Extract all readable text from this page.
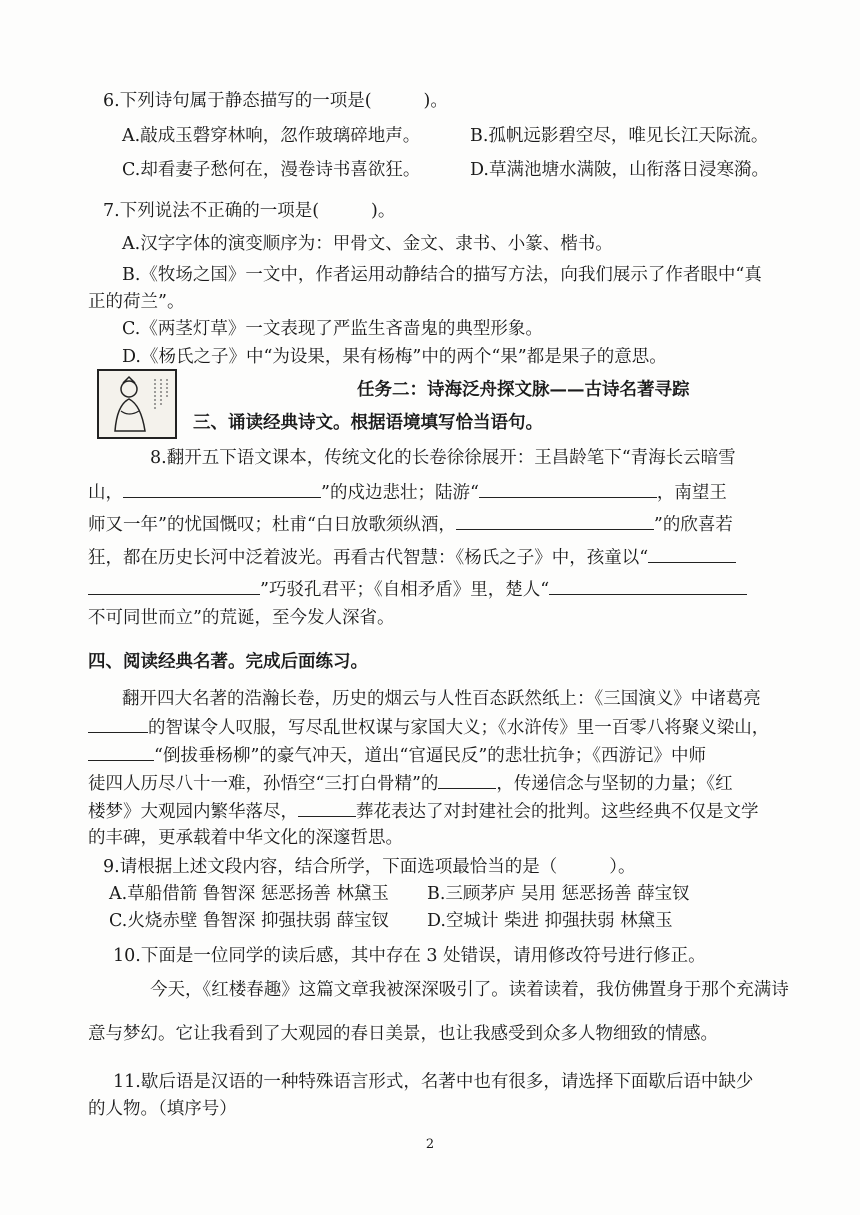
6.下列诗句属于静态描写的一项是(	)。
A.敲成玉磬穿林响，忽作玻璃碎地声。	B.孤帆远影碧空尽，唯见长江天际流。
C.却看妻子愁何在，漫卷诗书喜欲狂。	D.草满池塘水满陂，山衔落日浸寒漪。
7.下列说法不正确的一项是(	)。
A.汉字字体的演变顺序为：甲骨文、金文、隶书、小篆、楷书。
B.《牧场之国》一文中，作者运用动静结合的描写方法，向我们展示了作者眼中“真
正的荷兰”。
C.《两茎灯草》一文表现了严监生吝啬鬼的典型形象。
D.《杨氏之子》中“为设果，果有杨梅”中的两个“果”都是果子的意思。
任务二：诗海泛舟探文脉——古诗名著寻踪
三、诵读经典诗文。根据语境填写恰当语句。
8.翻开五下语文课本，传统文化的长卷徐徐展开：王昌龄笔下“青海长云暗雪
山，	”的戍边悲壮；陆游“	，南望王
师又一年”的忧国慨叹；杜甫“白日放歌须纵酒，	”的欣喜若
狂，都在历史长河中泛着波光。再看古代智慧：《杨氏之子》中，孩童以“
”巧驳孔君平；《自相矛盾》里，楚人“
不可同世而立”的荒诞，至今发人深省。
四、阅读经典名著。完成后面练习。
翻开四大名著的浩瀚长卷，历史的烟云与人性百态跃然纸上：《三国演义》中诸葛亮
的智谋令人叹服，写尽乱世权谋与家国大义；《水浒传》里一百零八将聚义梁山，
“倒拔垂杨柳”的豪气冲天，道出“官逼民反”的悲壮抗争；《西游记》中师
徒四人历尽八十一难，孙悟空“三打白骨精”的	，传递信念与坚韧的力量；《红
楼梦》大观园内繁华落尽，	葬花表达了对封建社会的批判。这些经典不仅是文学
的丰碑，更承载着中华文化的深邃哲思。
9.请根据上述文段内容，结合所学，下面选项最恰当的是（	）。
A.草船借箭 鲁智深 惩恶扬善 林黛玉 B.三顾茅庐 吴用 惩恶扬善 薛宝钗
C.火烧赤壁 鲁智深 抑强扶弱 薛宝钗 D.空城计 柴进 抑强扶弱 林黛玉
10.下面是一位同学的读后感，其中存在 3 处错误，请用修改符号进行修正。
今天，《红楼春趣》这篇文章我被深深吸引了。读着读着，我仿佛置身于那个充满诗
意与梦幻。它让我看到了大观园的春日美景，也让我感受到众多人物细致的情感。
11.歇后语是汉语的一种特殊语言形式，名著中也有很多，请选择下面歇后语中缺少
的人物。（填序号）
2
